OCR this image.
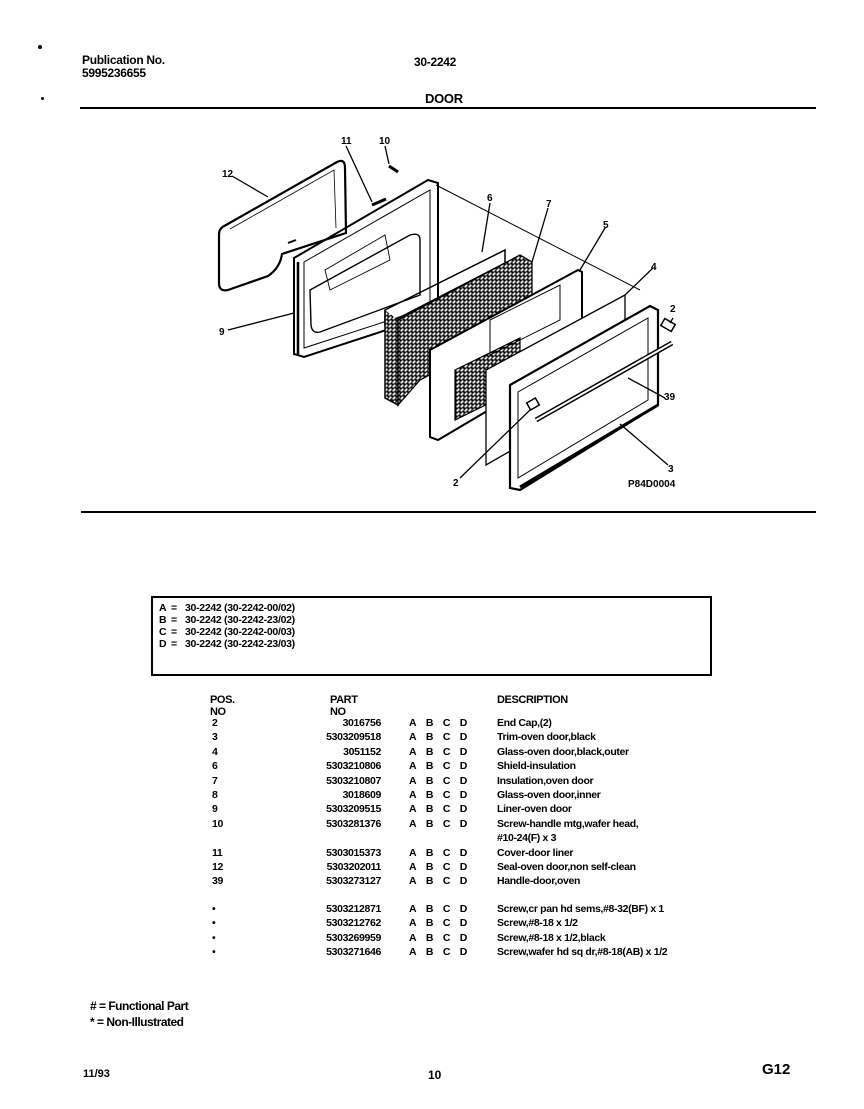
Publication No.
5995236655
30-2242
DOOR
12
11	10
6
7
5
4
2
39
2
3
9
P84D0004
A = 30-2242 (30-2242-00/02)
B = 30-2242 (30-2242-23/02)
C = 30-2242 (30-2242-00/03)
D = 30-2242 (30-2242-23/03)
POS. NO
PART NO
DESCRIPTION
2	3016756	A B C D	End Cap,(2)
3	5303209518	A B C D	Trim-oven door,black
4	3051152	A B C D	Glass-oven door,black,outer
6	5303210806	A B C D	Shield-insulation
7	5303210807	A B C D	Insulation,oven door
8	3018609	A B C D	Glass-oven door,inner
9	5303209515	A B C D	Liner-oven door
10	5303281376	A B C D	Screw-handle mtg,wafer head,
#10-24(F) x 3
11	5303015373	A B C D	Cover-door liner
12	5303202011	A B C D	Seal-oven door,non self-clean
39	5303273127	A B C D	Handle-door,oven
•	5303212871	A B C D	Screw,cr pan hd sems,#8-32(BF) x 1
•	5303212762	A B C D	Screw,#8-18 x 1/2
•	5303269959	A B C D	Screw,#8-18 x 1/2,black
•	5303271646	A B C D	Screw,wafer hd sq dr,#8-18(AB) x 1/2
# = Functional Part
* = Non-Illustrated
11/93	10	G12
